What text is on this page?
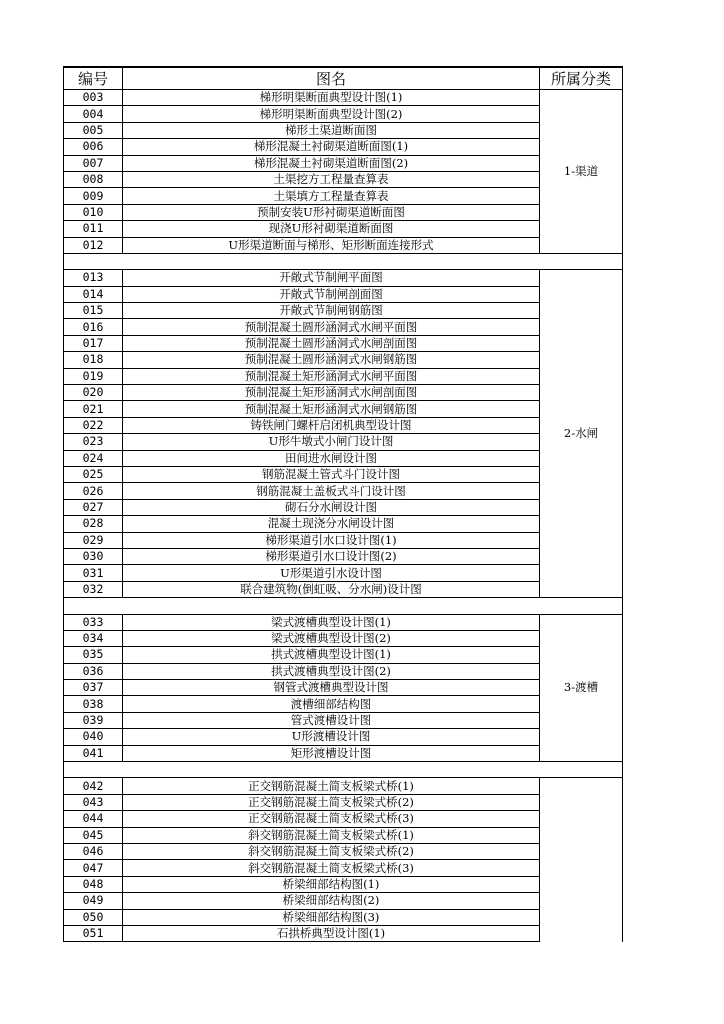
编号	图名	所属分类
003	梯形明渠断面典型设计图(1)	1-渠道
004	梯形明渠断面典型设计图(2)	
005	梯形土渠道断面图	
006	梯形混凝土衬砌渠道断面图(1)	
007	梯形混凝土衬砌渠道断面图(2)	
008	土渠挖方工程量查算表	
009	土渠填方工程量查算表	
010	预制安装U形衬砌渠道断面图	
011	现浇U形衬砌渠道断面图	
012	U形渠道断面与梯形、矩形断面连接形式	

013	开敞式节制闸平面图	2-水闸
014	开敞式节制闸剖面图	
015	开敞式节制闸钢筋图	
016	预制混凝土圆形涵洞式水闸平面图	
017	预制混凝土圆形涵洞式水闸剖面图	
018	预制混凝土圆形涵洞式水闸钢筋图	
019	预制混凝土矩形涵洞式水闸平面图	
020	预制混凝土矩形涵洞式水闸剖面图	
021	预制混凝土矩形涵洞式水闸钢筋图	
022	铸铁闸门螺杆启闭机典型设计图	
023	U形牛墩式小闸门设计图	
024	田间进水闸设计图	
025	钢筋混凝土管式斗门设计图	
026	钢筋混凝土盖板式斗门设计图	
027	砌石分水闸设计图	
028	混凝土现浇分水闸设计图	
029	梯形渠道引水口设计图(1)	
030	梯形渠道引水口设计图(2)	
031	U形渠道引水设计图	
032	联合建筑物(倒虹吸、分水闸)设计图	

033	梁式渡槽典型设计图(1)	3-渡槽
034	梁式渡槽典型设计图(2)	
035	拱式渡槽典型设计图(1)	
036	拱式渡槽典型设计图(2)	
037	钢管式渡槽典型设计图	
038	渡槽细部结构图	
039	管式渡槽设计图	
040	U形渡槽设计图	
041	矩形渡槽设计图	

042	正交钢筋混凝土简支板梁式桥(1)	
043	正交钢筋混凝土简支板梁式桥(2)	
044	正交钢筋混凝土简支板梁式桥(3)	
045	斜交钢筋混凝土简支板梁式桥(1)	
046	斜交钢筋混凝土简支板梁式桥(2)	
047	斜交钢筋混凝土简支板梁式桥(3)	
048	桥梁细部结构图(1)	
049	桥梁细部结构图(2)	
050	桥梁细部结构图(3)	
051	石拱桥典型设计图(1)	
